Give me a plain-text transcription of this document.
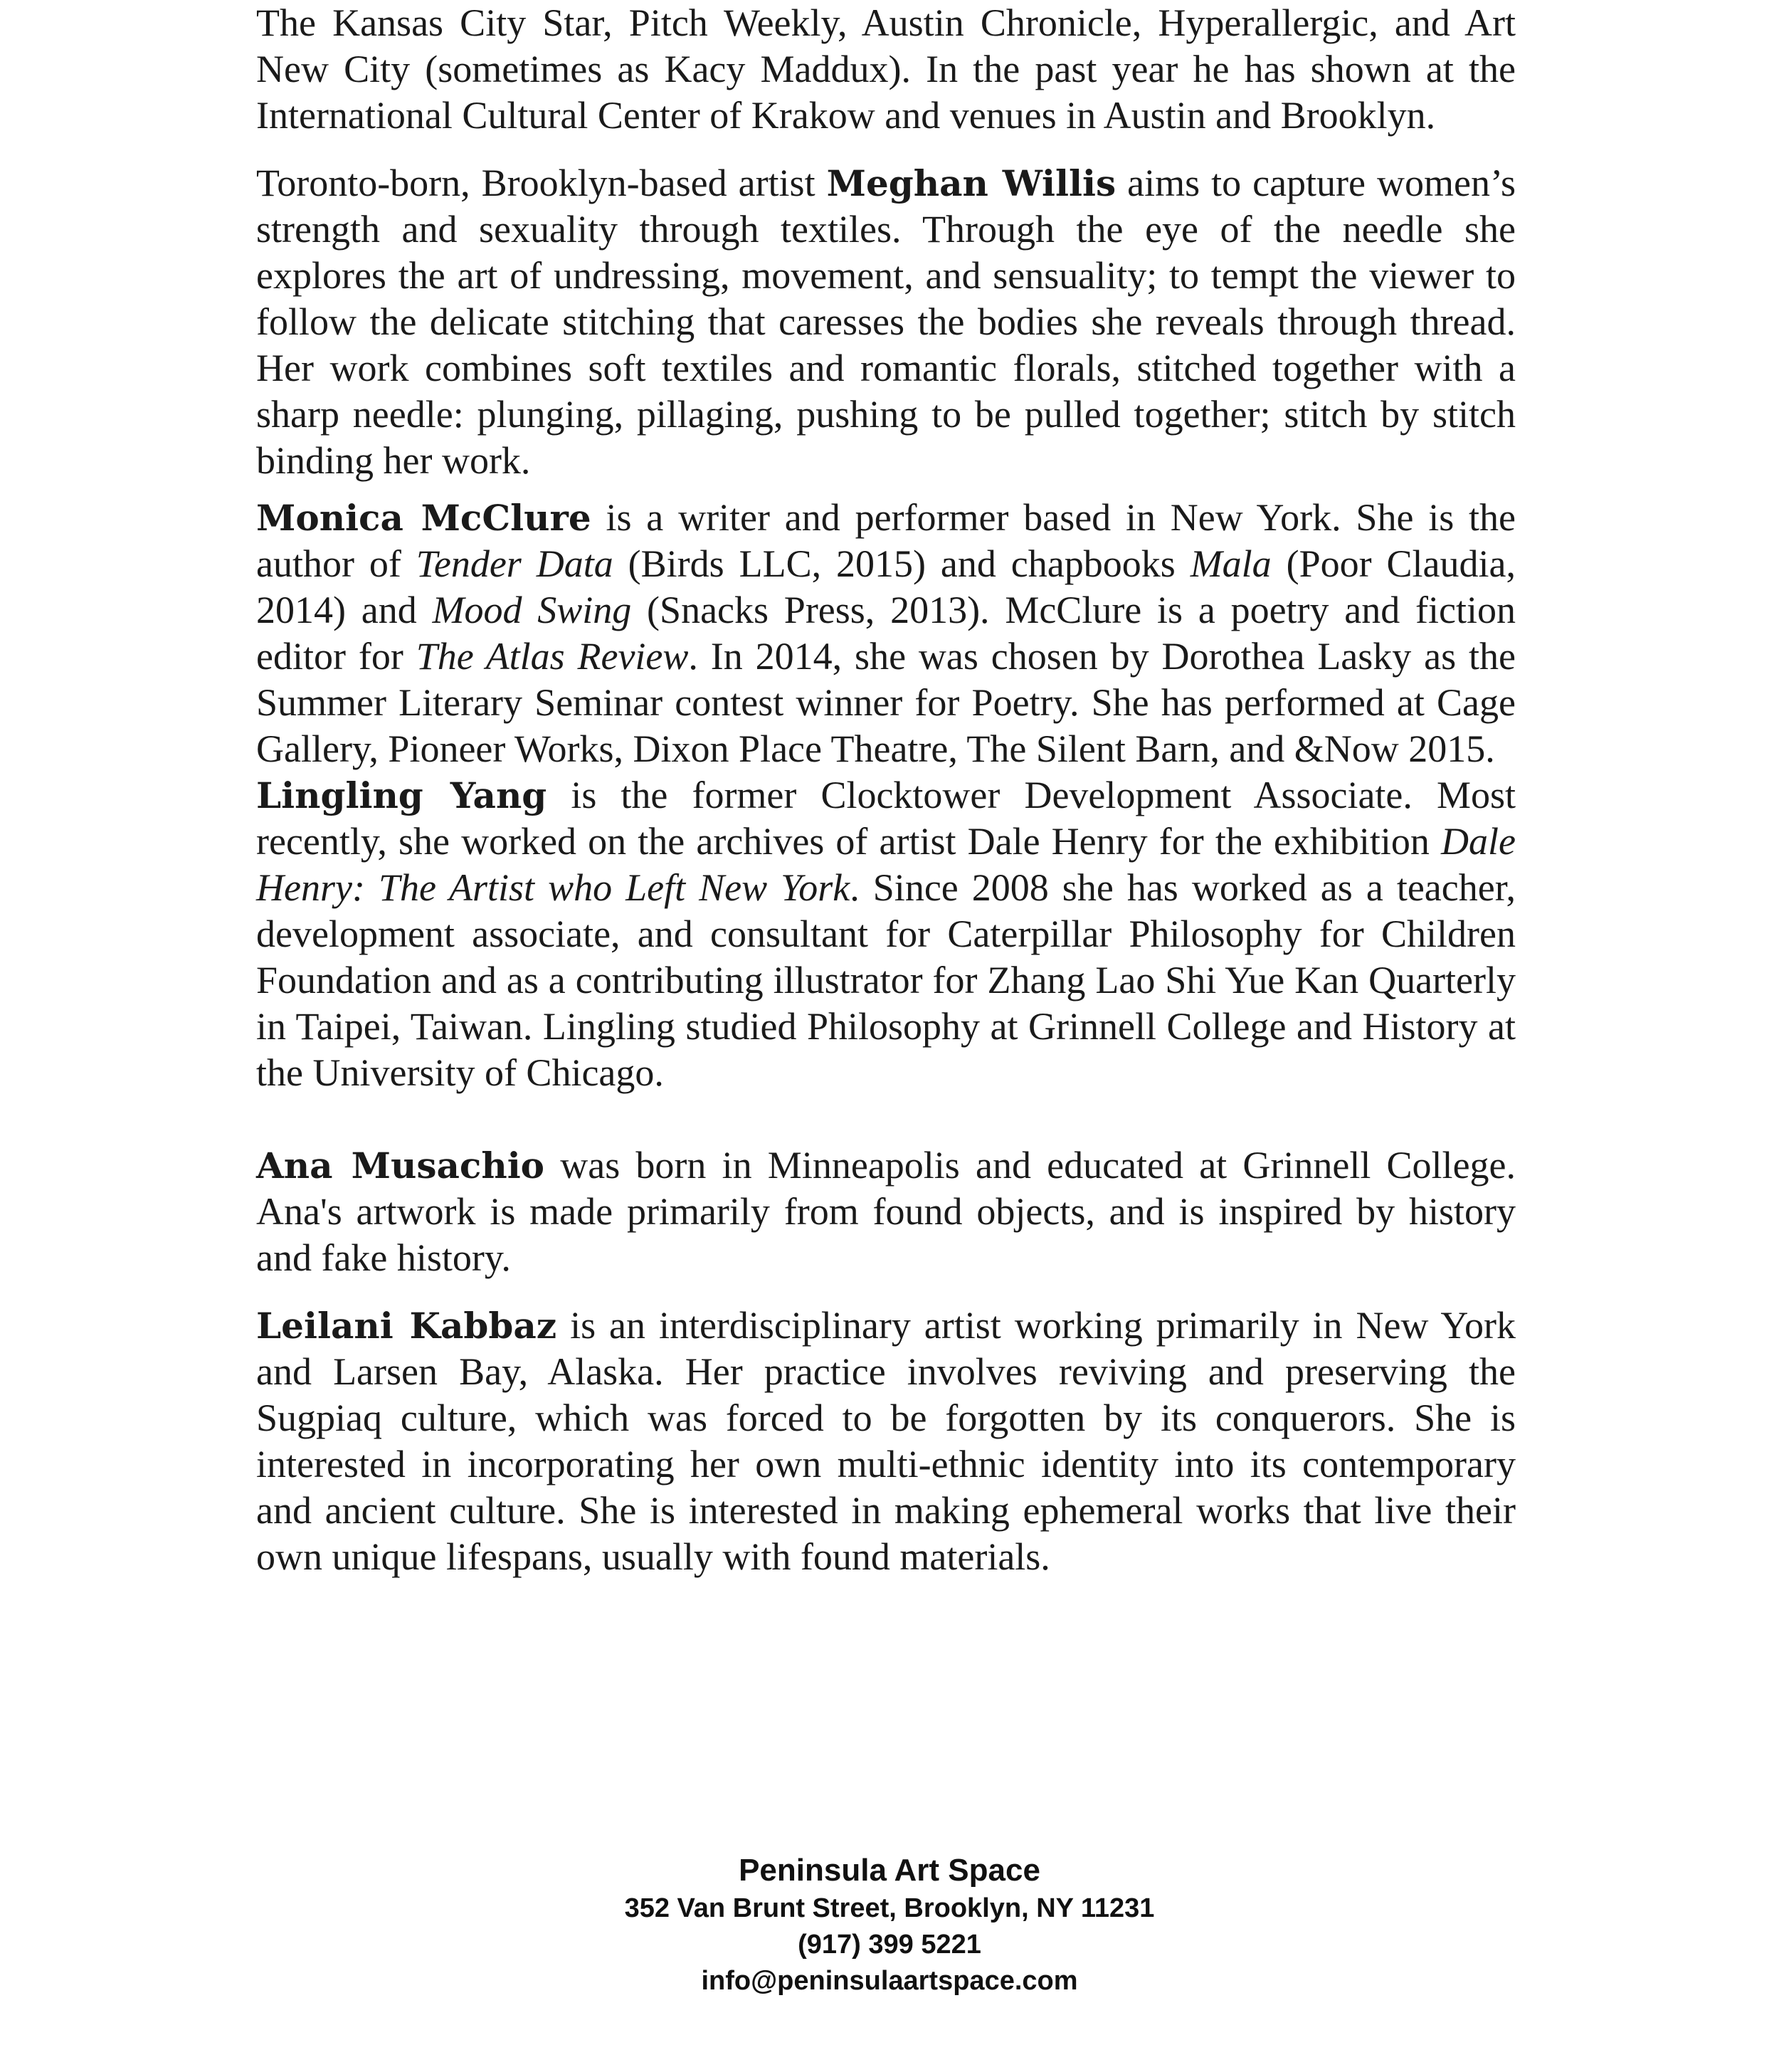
The Kansas City Star, Pitch Weekly, Austin Chronicle, Hyperallergic, and Art New City (sometimes as Kacy Maddux). In the past year he has shown at the International Cultural Center of Krakow and venues in Austin and Brooklyn.

Toronto-born, Brooklyn-based artist Meghan Willis aims to capture women’s strength and sexuality through textiles. Through the eye of the needle she explores the art of undressing, movement, and sensuality; to tempt the viewer to follow the delicate stitching that caresses the bodies she reveals through thread. Her work combines soft textiles and romantic florals, stitched together with a sharp needle: plunging, pillaging, pushing to be pulled together; stitch by stitch binding her work.

Monica McClure is a writer and performer based in New York. She is the author of Tender Data (Birds LLC, 2015) and chapbooks Mala (Poor Claudia, 2014) and Mood Swing (Snacks Press, 2013). McClure is a poetry and fiction editor for The Atlas Review. In 2014, she was chosen by Dorothea Lasky as the Summer Literary Seminar contest winner for Poetry. She has performed at Cage Gallery, Pioneer Works, Dixon Place Theatre, The Silent Barn, and &Now 2015.

Lingling Yang is the former Clocktower Development Associate. Most recently, she worked on the archives of artist Dale Henry for the exhibition Dale Henry: The Artist who Left New York. Since 2008 she has worked as a teacher, development associate, and consultant for Caterpillar Philosophy for Children Foundation and as a contributing illustrator for Zhang Lao Shi Yue Kan Quarterly in Taipei, Taiwan. Lingling studied Philosophy at Grinnell College and History at the University of Chicago.

Ana Musachio was born in Minneapolis and educated at Grinnell College. Ana's artwork is made primarily from found objects, and is inspired by history and fake history.

Leilani Kabbaz is an interdisciplinary artist working primarily in New York and Larsen Bay, Alaska. Her practice involves reviving and preserving the Sugpiaq culture, which was forced to be forgotten by its conquerors. She is interested in incorporating her own multi-ethnic identity into its contemporary and ancient culture. She is interested in making ephemeral works that live their own unique lifespans, usually with found materials.

Peninsula Art Space
352 Van Brunt Street, Brooklyn, NY 11231
(917) 399 5221
info@peninsulaartspace.com
